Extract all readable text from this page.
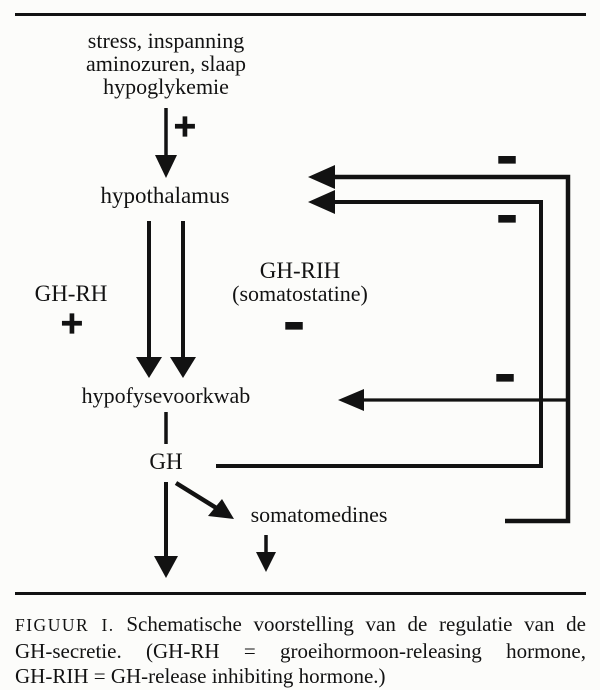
stress, inspanning
aminozuren, slaap
hypoglykemie
+
hypothalamus
−
−
GH-RH
+
GH-RIH
(somatostatine)
−
hypofysevoorkwab	−
GH
somatomedines
FIGUUR I. Schematische voorstelling van de regulatie van de
GH-secretie. (GH-RH = groeihormoon-releasing hormone,
GH-RIH = GH-release inhibiting hormone.)
